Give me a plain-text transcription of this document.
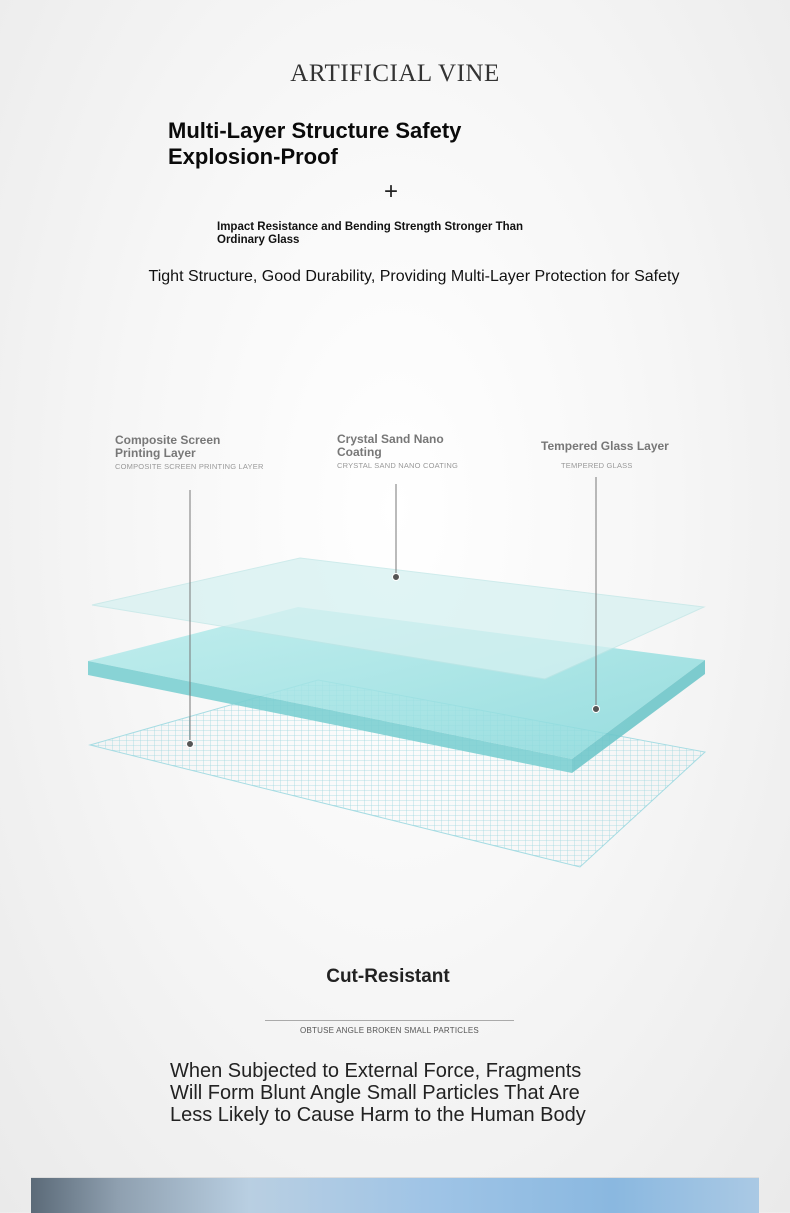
ARTIFICIAL VINE
Multi-Layer Structure Safety
Explosion-Proof
+
Impact Resistance and Bending Strength Stronger Than Ordinary Glass
Tight Structure, Good Durability, Providing Multi-Layer Protection for Safety
Composite Screen
Printing Layer
COMPOSITE SCREEN PRINTING LAYER
Crystal Sand Nano
Coating
CRYSTAL SAND NANO COATING
Tempered Glass Layer
TEMPERED GLASS
Cut-Resistant
OBTUSE ANGLE BROKEN SMALL PARTICLES
When Subjected to External Force, Fragments
Will Form Blunt Angle Small Particles That Are
Less Likely to Cause Harm to the Human Body
